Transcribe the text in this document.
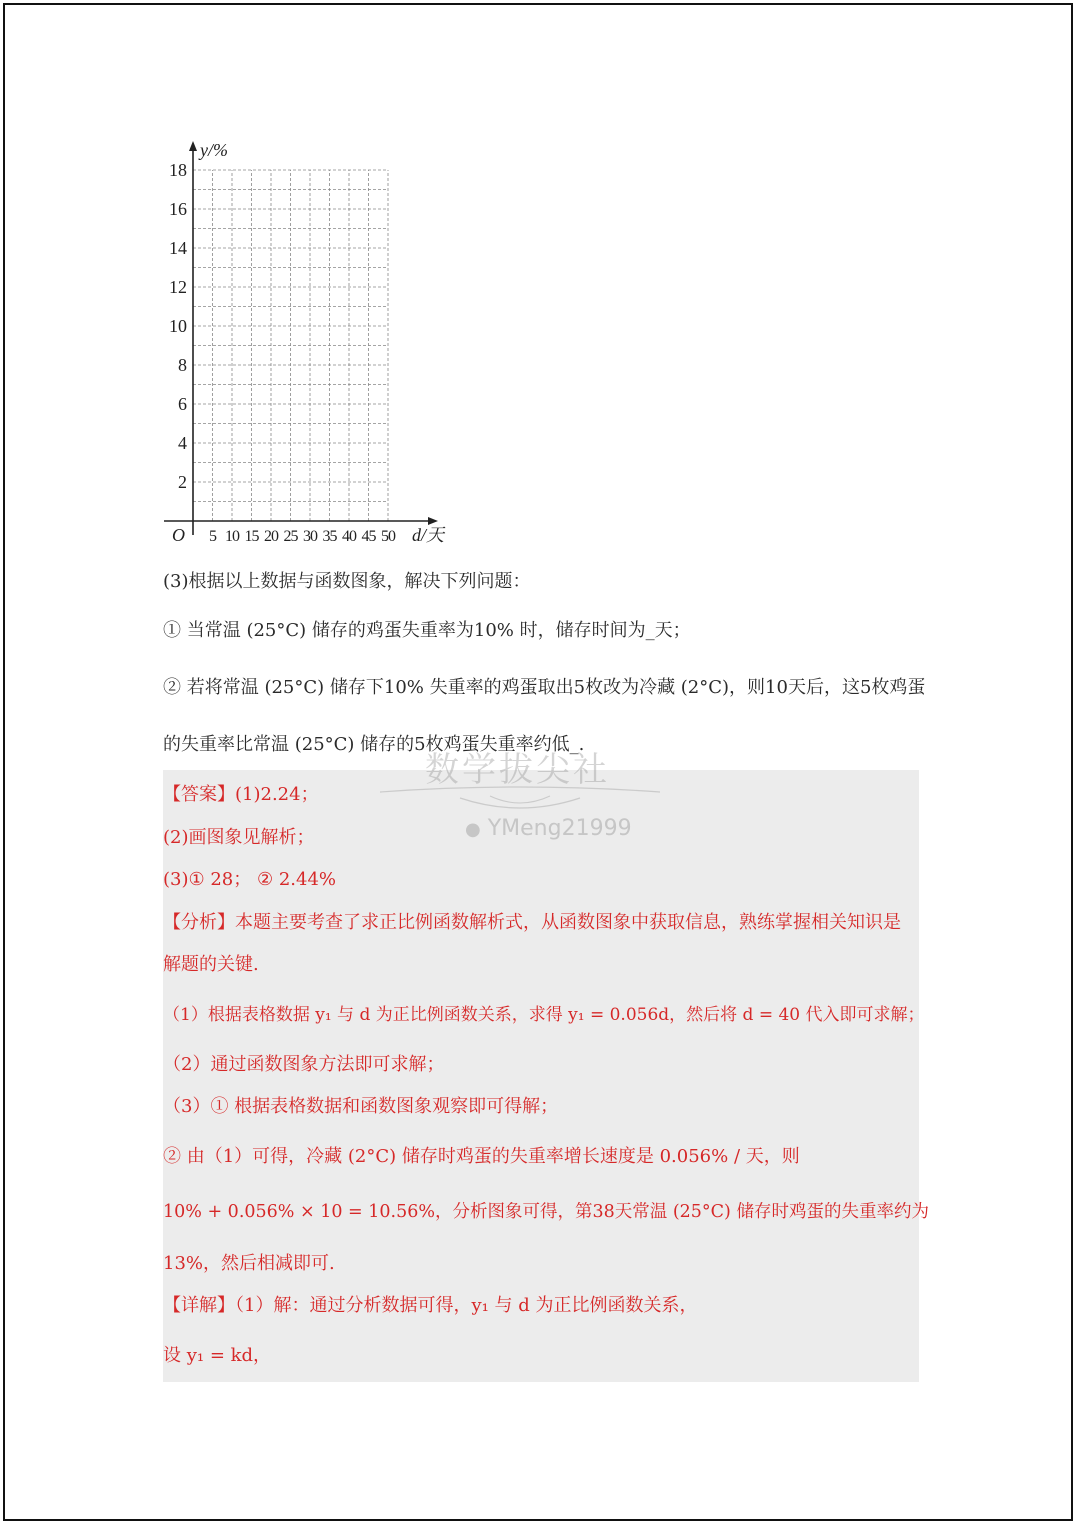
y/%
d/天
O
2
4
6
8
10
12
14
16
18
5 10 15 20 25 30 35 40 45 50
(3)根据以上数据与函数图象，解决下列问题：
① 当常温 (25°C) 储存的鸡蛋失重率为10% 时，储存时间为_天；
② 若将常温 (25°C) 储存下10% 失重率的鸡蛋取出5枚改为冷藏 (2°C)，则10天后，这5枚鸡蛋
的失重率比常温 (25°C) 储存的5枚鸡蛋失重率约低_.
【答案】(1)2.24；
(2)画图象见解析；
(3)① 28； ② 2.44%
【分析】本题主要考查了求正比例函数解析式，从函数图象中获取信息，熟练掌握相关知识是
解题的关键.
（1）根据表格数据 y₁ 与 d 为正比例函数关系，求得 y₁ = 0.056d，然后将 d = 40 代入即可求解；
（2）通过函数图象方法即可求解；
（3）① 根据表格数据和函数图象观察即可得解；
② 由（1）可得，冷藏 (2°C) 储存时鸡蛋的失重率增长速度是 0.056% / 天，则
10% + 0.056% × 10 = 10.56%，分析图象可得，第38天常温 (25°C) 储存时鸡蛋的失重率约为
13%，然后相减即可.
【详解】（1）解：通过分析数据可得，y₁ 与 d 为正比例函数关系，
设 y₁ = kd，
数学拔尖社
● YMeng21999
